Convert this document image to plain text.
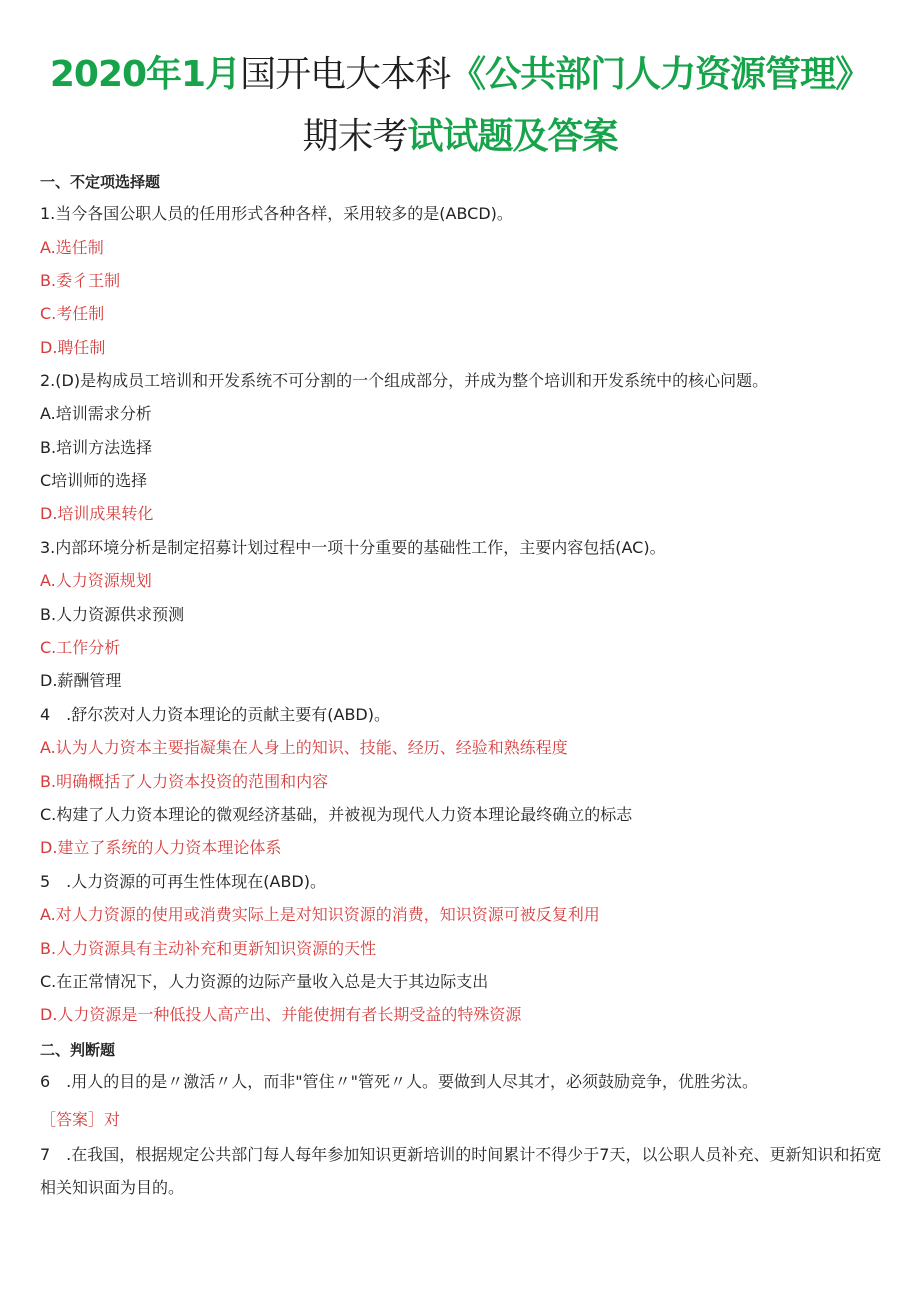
2020年1月国开电大本科《公共部门人力资源管理》
期末考试试题及答案
一、不定项选择题
1.当今各国公职人员的任用形式各种各样，采用较多的是(ABCD)。
A.选任制
B.委彳王制
C.考任制
D.聘任制
2.(D)是构成员工培训和开发系统不可分割的一个组成部分，并成为整个培训和开发系统中的核心问题。
A.培训需求分析
B.培训方法选择
C培训师的选择
D.培训成果转化
3.内部环境分析是制定招募计划过程中一项十分重要的基础性工作，主要内容包括(AC)。
A.人力资源规划
B.人力资源供求预测
C.工作分析
D.薪酬管理
4　.舒尔茨对人力资本理论的贡献主要有(ABD)。
A.认为人力资本主要指凝集在人身上的知识、技能、经历、经验和熟练程度
B.明确概括了人力资本投资的范围和内容
C.构建了人力资本理论的微观经济基础，并被视为现代人力资本理论最终确立的标志
D.建立了系统的人力资本理论体系
5　.人力资源的可再生性体现在(ABD)。
A.对人力资源的使用或消费实际上是对知识资源的消费，知识资源可被反复利用
B.人力资源具有主动补充和更新知识资源的天性
C.在正常情况下，人力资源的边际产量收入总是大于其边际支出
D.人力资源是一种低投人高产出、并能使拥有者长期受益的特殊资源
二、判断题
6　.用人的目的是〃激活〃人，而非"管住〃"管死〃人。要做到人尽其才，必须鼓励竞争，优胜劣汰。
［答案］对
7　.在我国，根据规定公共部门每人每年参加知识更新培训的时间累计不得少于7天，以公职人员补充、更新知识和拓宽相关知识面为目的。
